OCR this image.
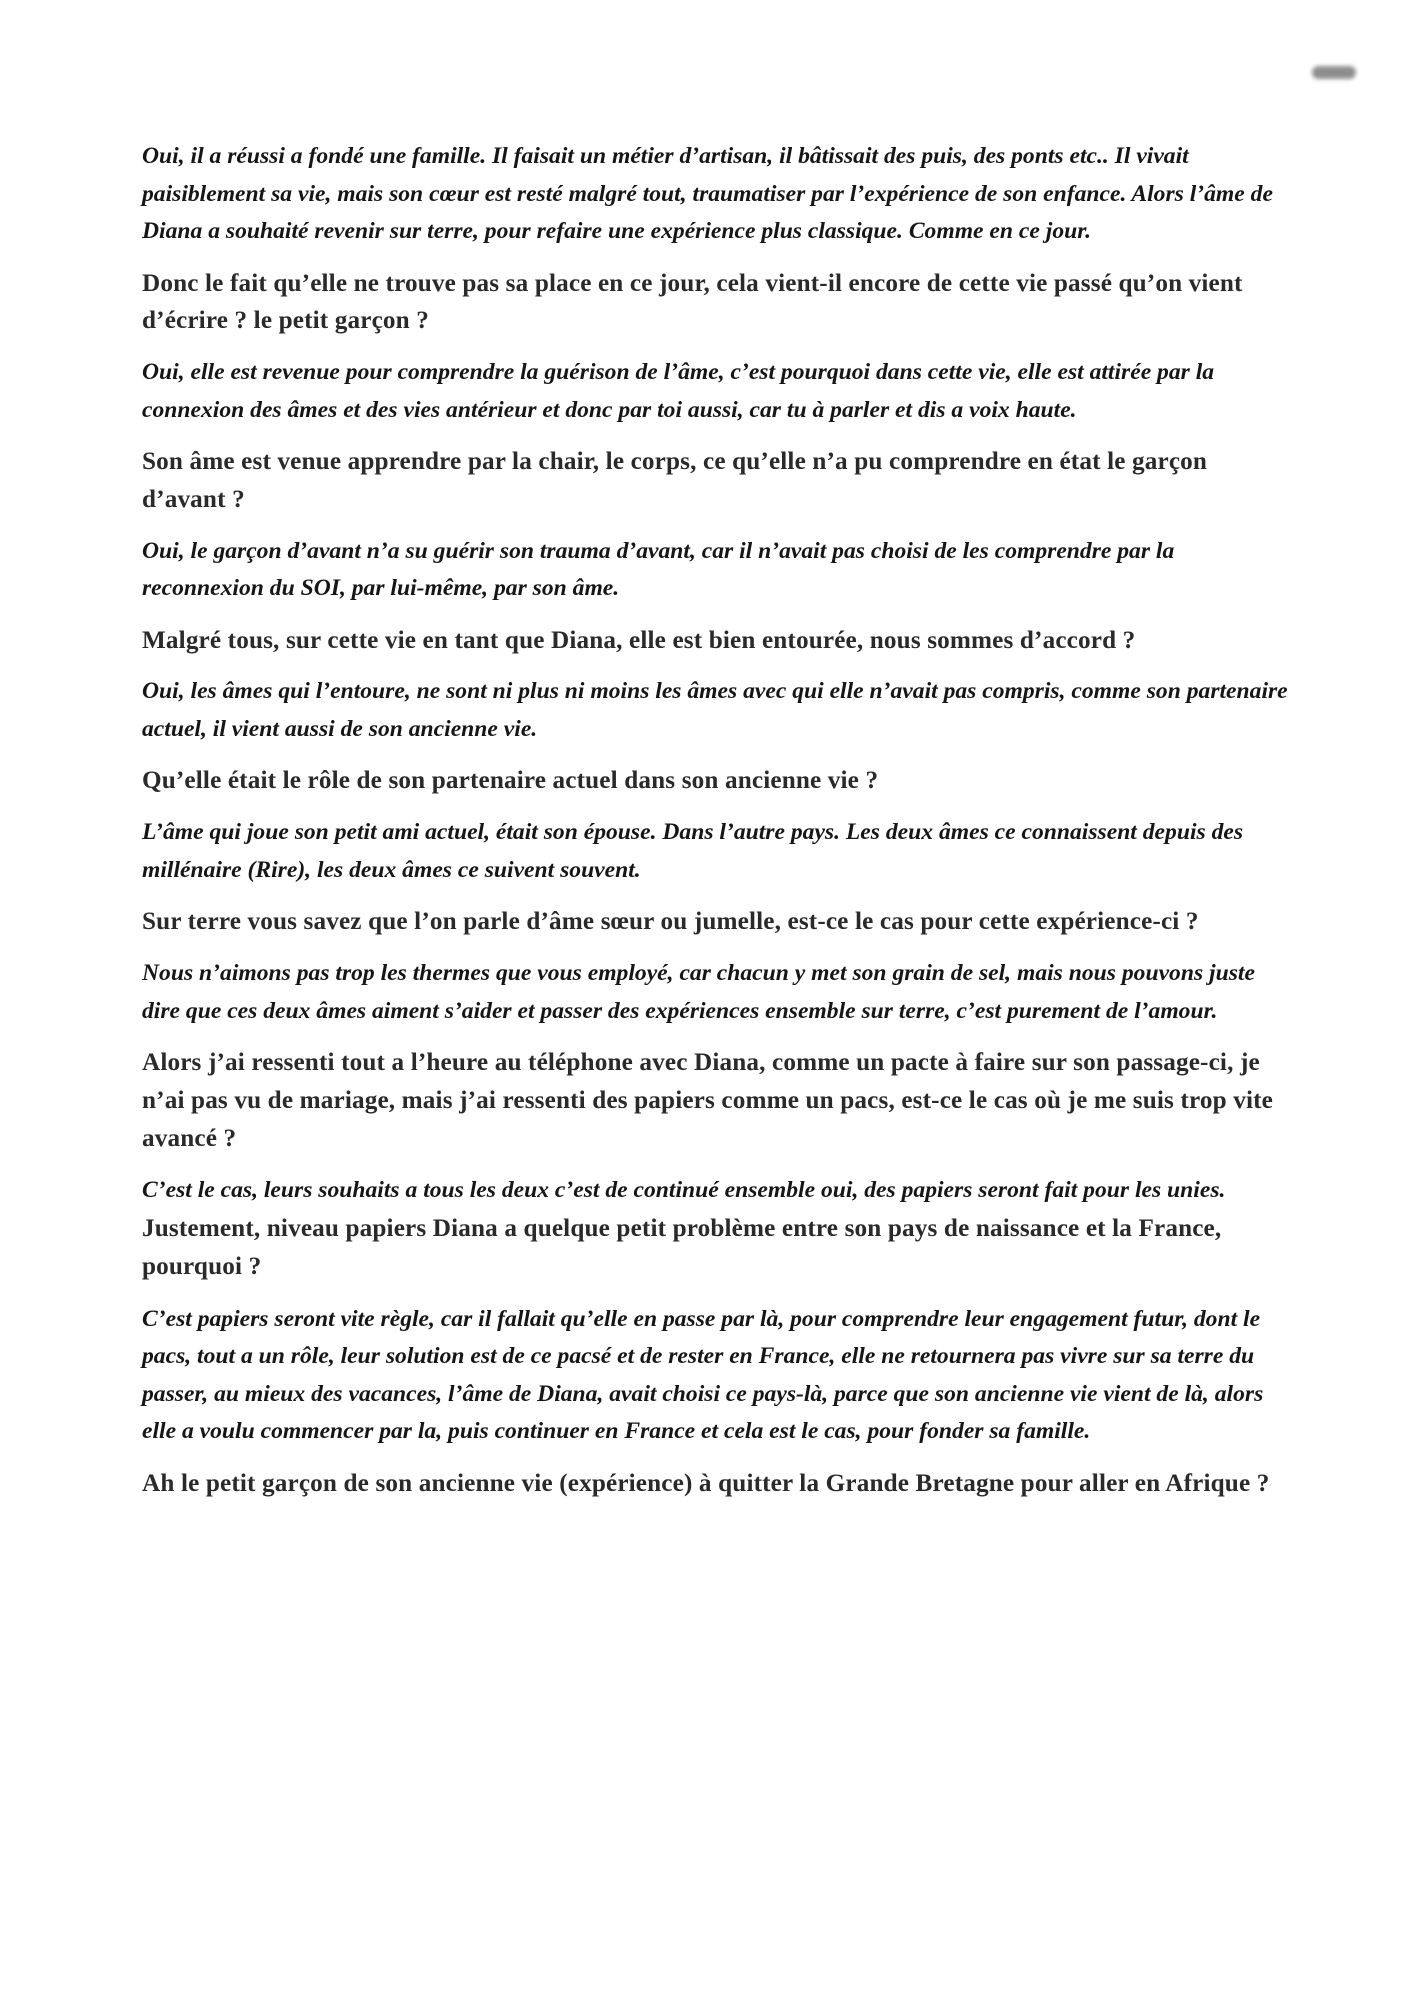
Oui, il a réussi a fondé une famille. Il faisait un métier d’artisan, il bâtissait des puis, des ponts etc.. Il vivait paisiblement sa vie, mais son cœur est resté malgré tout, traumatiser par l’expérience de son enfance. Alors l’âme de Diana a souhaité revenir sur terre, pour refaire une expérience plus classique. Comme en ce jour.

Donc le fait qu’elle ne trouve pas sa place en ce jour, cela vient-il encore de cette vie passé qu’on vient d’écrire ? le petit garçon ?

Oui, elle est revenue pour comprendre la guérison de l’âme, c’est pourquoi dans cette vie, elle est attirée par la connexion des âmes et des vies antérieur et donc par toi aussi, car tu à parler et dis a voix haute.

Son âme est venue apprendre par la chair, le corps, ce qu’elle n’a pu comprendre en état le garçon d’avant ?

Oui, le garçon d’avant n’a su guérir son trauma d’avant, car il n’avait pas choisi de les comprendre par la reconnexion du SOI, par lui-même, par son âme.

Malgré tous, sur cette vie en tant que Diana, elle est bien entourée, nous sommes d’accord ?

Oui, les âmes qui l’entoure, ne sont ni plus ni moins les âmes avec qui elle n’avait pas compris, comme son partenaire actuel, il vient aussi de son ancienne vie.

Qu’elle était le rôle de son partenaire actuel dans son ancienne vie ?

L’âme qui joue son petit ami actuel, était son épouse. Dans l’autre pays. Les deux âmes ce connaissent depuis des millénaire (Rire), les deux âmes ce suivent souvent.

Sur terre vous savez que l’on parle d’âme sœur ou jumelle, est-ce le cas pour cette expérience-ci ?

Nous n’aimons pas trop les thermes que vous employé, car chacun y met son grain de sel, mais nous pouvons juste dire que ces deux âmes aiment s’aider et passer des expériences ensemble sur terre, c’est purement de l’amour.

Alors j’ai ressenti tout a l’heure au téléphone avec Diana, comme un pacte à faire sur son passage-ci, je n’ai pas vu de mariage, mais j’ai ressenti des papiers comme un pacs, est-ce le cas où je me suis trop vite avancé ?

C’est le cas, leurs souhaits a tous les deux c’est de continué ensemble oui, des papiers seront fait pour les unies. Justement, niveau papiers Diana a quelque petit problème entre son pays de naissance et la France, pourquoi ?

C’est papiers seront vite règle, car il fallait qu’elle en passe par là, pour comprendre leur engagement futur, dont le pacs, tout a un rôle, leur solution est de ce pacsé et de rester en France, elle ne retournera pas vivre sur sa terre du passer, au mieux des vacances, l’âme de Diana, avait choisi ce pays-là, parce que son ancienne vie vient de là, alors elle a voulu commencer par la, puis continuer en France et cela est le cas, pour fonder sa famille.

Ah le petit garçon de son ancienne vie (expérience) à quitter la Grande Bretagne pour aller en Afrique ?
